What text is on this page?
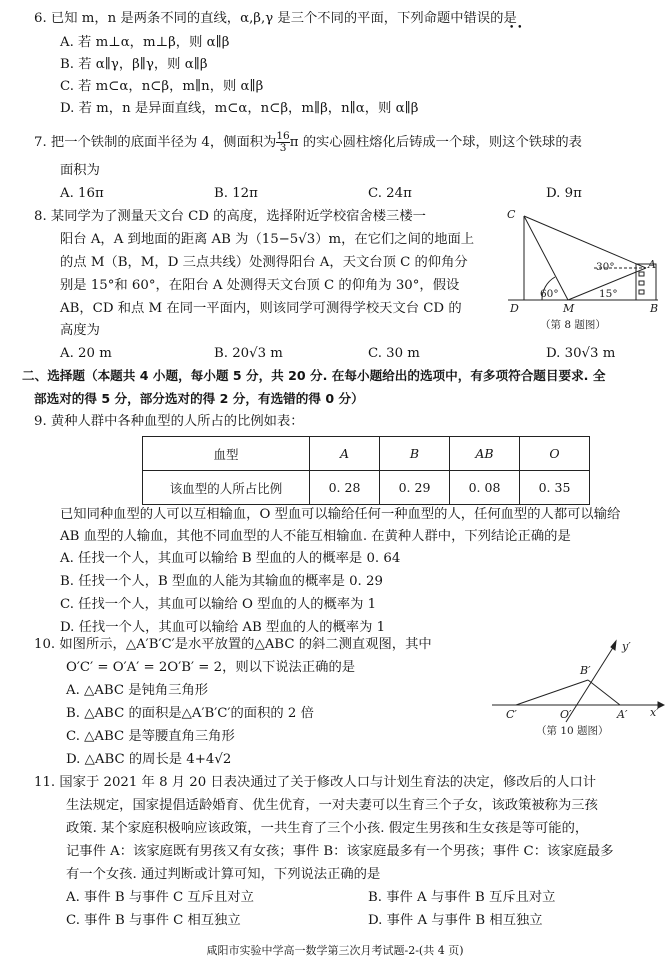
6. 已知 m，n 是两条不同的直线，α,β,γ 是三个不同的平面，下列命题中错误的是
• •
A. 若 m⊥α，m⊥β，则 α∥β
B. 若 α∥γ，β∥γ，则 α∥β
C. 若 m⊂α，n⊂β，m∥n，则 α∥β
D. 若 m，n 是异面直线，m⊂α，n⊂β，m∥β，n∥α，则 α∥β
7. 把一个铁制的底面半径为 4，侧面积为 $\frac{16}{3}$ π 的实心圆柱熔化后铸成一个球，则这个铁球的表
面积为
A. 16π	B. 12π	C. 24π	D. 9π
8. 某同学为了测量天文台 CD 的高度，选择附近学校宿舍楼三楼一
阳台 A，A 到地面的距离 AB 为（15−5√3）m，在它们之间的地面上
的点 M（B，M，D 三点共线）处测得阳台 A，天文台顶 C 的仰角分
别是 15°和 60°，在阳台 A 处测得天文台顶 C 的仰角为 30°，假设
AB，CD 和点 M 在同一平面内，则该同学可测得学校天文台 CD 的
高度为
C
D	M
A
B
30°
60°	15°
（第 8 题图）
A. 20 m	B. 20√3 m	C. 30 m	D. 30√3 m
二、选择题（本题共 4 小题，每小题 5 分，共 20 分. 在每小题给出的选项中，有多项符合题目要求. 全
部选对的得 5 分，部分选对的得 2 分，有选错的得 0 分）
9. 黄种人群中各种血型的人所占的比例如表：
血型	A	B	AB	O
该血型的人所占比例	0. 28	0. 29	0. 08	0. 35
已知同种血型的人可以互相输血，O 型血可以输给任何一种血型的人，任何血型的人都可以输给
AB 血型的人输血，其他不同血型的人不能互相输血. 在黄种人群中，下列结论正确的是
A. 任找一个人，其血可以输给 B 型血的人的概率是 0. 64
B. 任找一个人，B 型血的人能为其输血的概率是 0. 29
C. 任找一个人，其血可以输给 O 型血的人的概率为 1
D. 任找一个人，其血可以输给 AB 型血的人的概率为 1
10. 如图所示，△A′B′C′是水平放置的△ABC 的斜二测直观图，其中
O′C′ = O′A′ = 2O′B′ = 2，则以下说法正确的是
A. △ABC 是钝角三角形
B. △ABC 的面积是△A′B′C′的面积的 2 倍
C. △ABC 是等腰直角三角形
D. △ABC 的周长是 4+4√2
y′
x′
B′
C′	O′	A′
（第 10 题图）
11. 国家于 2021 年 8 月 20 日表决通过了关于修改人口与计划生育法的决定，修改后的人口计
生法规定，国家提倡适龄婚育、优生优育，一对夫妻可以生育三个子女，该政策被称为三孩
政策. 某个家庭积极响应该政策，一共生育了三个小孩. 假定生男孩和生女孩是等可能的，
记事件 A：该家庭既有男孩又有女孩；事件 B：该家庭最多有一个男孩；事件 C：该家庭最多
有一个女孩. 通过判断或计算可知，下列说法正确的是
A. 事件 B 与事件 C 互斥且对立	B. 事件 A 与事件 B 互斥且对立
C. 事件 B 与事件 C 相互独立	D. 事件 A 与事件 B 相互独立
咸阳市实验中学高一数学第三次月考试题-2-(共 4 页)
